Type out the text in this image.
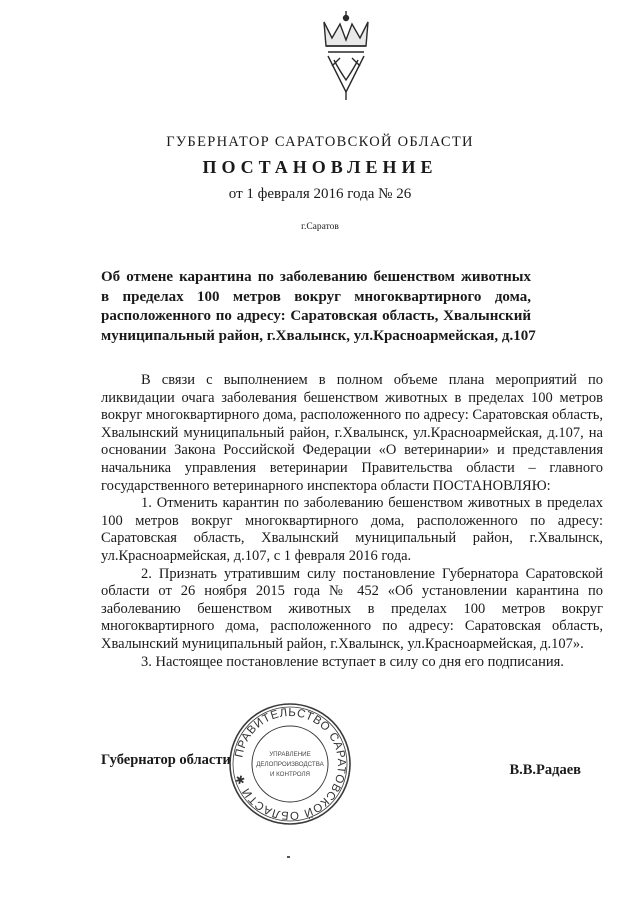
ГУБЕРНАТОР САРАТОВСКОЙ ОБЛАСТИ
ПОСТАНОВЛЕНИЕ
от 1 февраля 2016 года № 26
г.Саратов
Об отмене карантина по заболеванию бешенством животных
в пределах 100 метров вокруг многоквартирного дома,
расположенного по адресу: Саратовская область, Хвалынский
муниципальный район, г.Хвалынск, ул.Красноармейская, д.107

В связи с выполнением в полном объеме плана мероприятий по ликвидации очага заболевания бешенством животных в пределах 100 метров вокруг многоквартирного дома, расположенного по адресу: Саратовская область, Хвалынский муниципальный район, г.Хвалынск, ул.Красноармейская, д.107, на основании Закона Российской Федерации «О ветеринарии» и представления начальника управления ветеринарии Правительства области – главного государственного ветеринарного инспектора области ПОСТАНОВЛЯЮ:

1. Отменить карантин по заболеванию бешенством животных в пределах 100 метров вокруг многоквартирного дома, расположенного по адресу: Саратовская область, Хвалынский муниципальный район, г.Хвалынск, ул.Красноармейская, д.107, с 1 февраля 2016 года.

2. Признать утратившим силу постановление Губернатора Саратовской области от 26 ноября 2015 года № 452 «Об установлении карантина по заболеванию бешенством животных в пределах 100 метров вокруг многоквартирного дома, расположенного по адресу: Саратовская область, Хвалынский муниципальный район, г.Хвалынск, ул.Красноармейская, д.107».

3. Настоящее постановление вступает в силу со дня его подписания.

Губернатор области
В.В.Радаев
ПРАВИТЕЛЬСТВО САРАТОВСКОЙ ОБЛАСТИ ✱
УПРАВЛЕНИЕ
ДЕЛОПРОИЗВОДСТВА
И КОНТРОЛЯ
